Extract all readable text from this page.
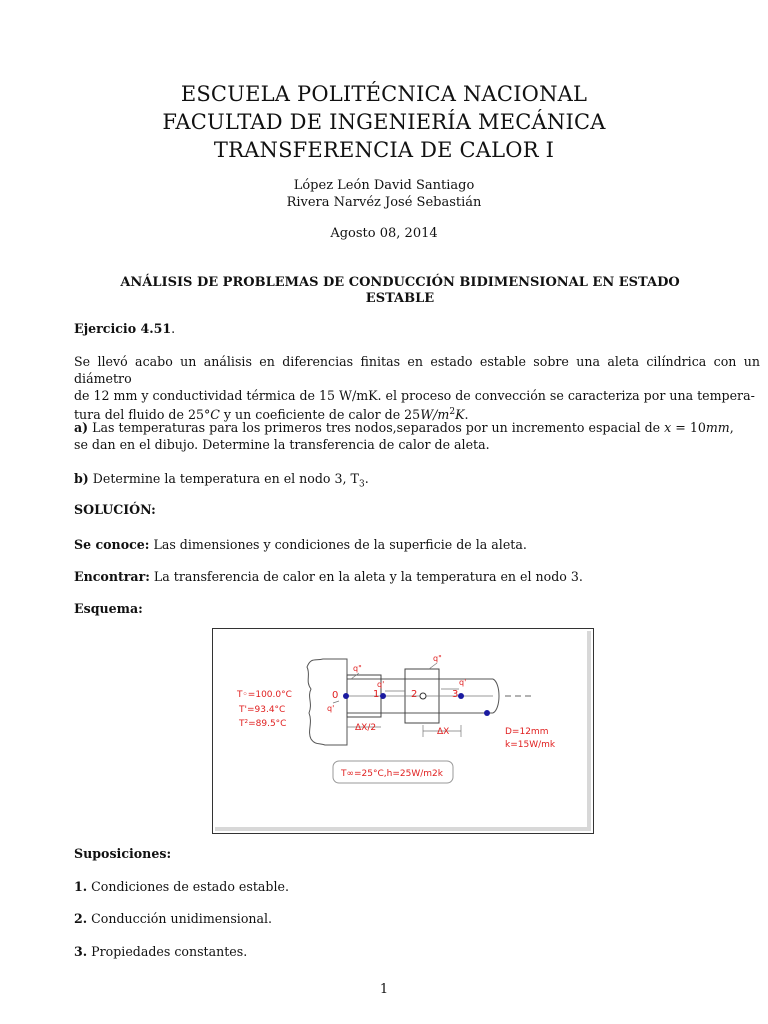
ESCUELA POLITÉCNICA NACIONAL
FACULTAD DE INGENIERÍA MECÁNICA
TRANSFERENCIA DE CALOR I
López León David Santiago
Rivera Narvéz José Sebastián
Agosto 08, 2014
ANÁLISIS DE PROBLEMAS DE CONDUCCIÓN BIDIMENSIONAL EN ESTADO
ESTABLE
Ejercicio 4.51.
Se llevó acabo un análisis en diferencias finitas en estado estable sobre una aleta cilíndrica con un diámetro
de 12 mm y conductividad térmica de 15 W/mK. el proceso de convección se caracteriza por una tempera-
tura del fluido de 25°C y un coeficiente de calor de $25W/m^2K$.
a) Las temperaturas para los primeros tres nodos,separados por un incremento espacial de x = 10mm,
se dan en el dibujo. Determine la transferencia de calor de aleta.
b) Determine la temperatura en el nodo 3, $T_3$.
SOLUCIÓN:
Se conoce: Las dimensiones y condiciones de la superficie de la aleta.
Encontrar: La transferencia de calor en la aleta y la temperatura en el nodo 3.
Esquema:
0	1	2	3
q"
q"
q'
q'
q'
T◦=100.0°C
T'=93.4°C
T²=89.5°C	ΔX/2	ΔX	D=12mm
k=15W/mk
T∞=25°C,h=25W/m2k
Suposiciones:
1. Condiciones de estado estable.
2. Conducción unidimensional.
3. Propiedades constantes.
1
